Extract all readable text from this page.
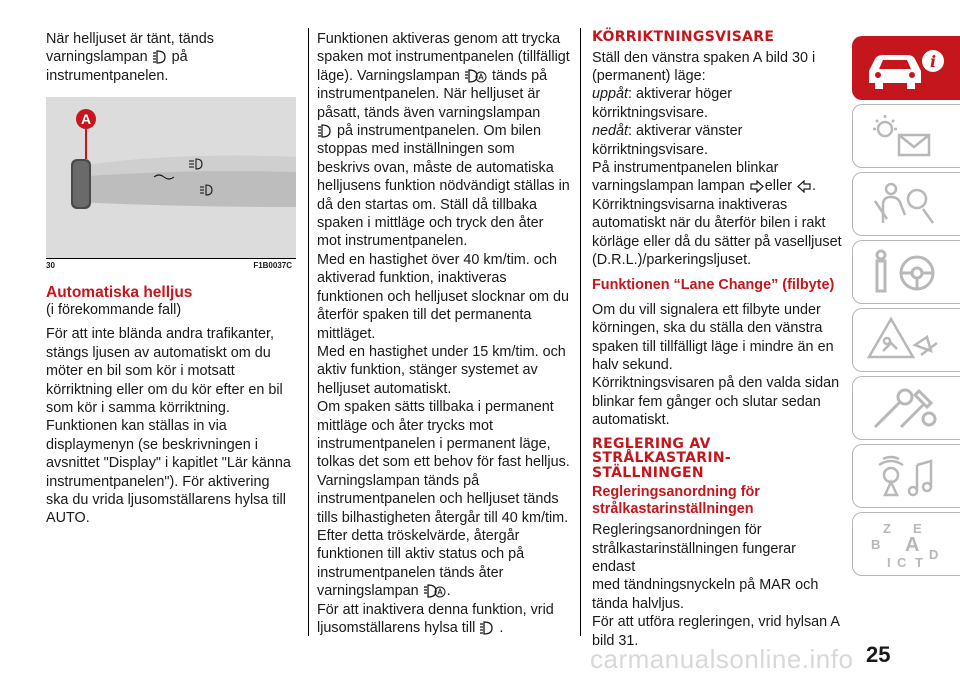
När helljuset är tänt, tänds

varningslampan på

instrumentpanelen.

A
30	F1B0037C

Automatiska helljus

(i förekommande fall)

För att inte blända andra trafikanter,

stängs ljusen av automatiskt om du

möter en bil som kör i motsatt

körriktning eller om du kör efter en bil

som kör i samma körriktning.

Funktionen kan ställas in via

displaymenyn (se beskrivningen i

avsnittet "Display" i kapitlet "Lär känna

instrumentpanelen"). För aktivering

ska du vrida ljusomställarens hylsa till

AUTO.

Funktionen aktiveras genom att trycka

spaken mot instrumentpanelen (tillfälligt

läge). Varningslampan tänds på

instrumentpanelen. När helljuset är

påsatt, tänds även varningslampan

på instrumentpanelen. Om bilen

stoppas med inställningen som

beskrivs ovan, måste de automatiska

helljusens funktion nödvändigt ställas in

då den startas om. Ställ då tillbaka

spaken i mittläge och tryck den åter

mot instrumentpanelen.

Med en hastighet över 40 km/tim. och

aktiverad funktion, inaktiveras

funktionen och helljuset slocknar om du

återför spaken till det permanenta

mittläget.

Med en hastighet under 15 km/tim. och

aktiv funktion, stänger systemet av

helljuset automatiskt.

Om spaken sätts tillbaka i permanent

mittläge och åter trycks mot

instrumentpanelen i permanent läge,

tolkas det som ett behov för fast helljus.

Varningslampan tänds på

instrumentpanelen och helljuset tänds

tills bilhastigheten återgår till 40 km/tim.

Efter detta tröskelvärde, återgår

funktionen till aktiv status och på

instrumentpanelen tänds åter

varningslampan .

För att inaktivera denna funktion, vrid

ljusomställarens hylsa till .

KÖRRIKTNINGSVISARE

Ställ den vänstra spaken A bild 30 i

(permanent) läge:

uppåt: aktiverar höger

körriktningsvisare.

nedåt: aktiverar vänster

körriktningsvisare.

På instrumentpanelen blinkar

varningslampan lampan eller .

Körriktningsvisarna inaktiveras

automatiskt när du återför bilen i rakt

körläge eller då du sätter på vaselljuset

(D.R.L.)/parkeringsljuset.

Funktionen “Lane Change” (filbyte)

Om du vill signalera ett filbyte under

körningen, ska du ställa den vänstra

spaken till tillfälligt läge i mindre än en

halv sekund.

Körriktningsvisaren på den valda sidan

blinkar fem gånger och slutar sedan

automatiskt.

REGLERING AV

STRÅLKASTARIN-

STÄLLNINGEN

Regleringsanordning för

strålkastarinställningen

Regleringsanordningen för

strålkastarinställningen fungerar endast

med tändningsnyckeln på MAR och

tända halvljus.

För att utföra regleringen, vrid hylsan A

bild 31.

i
Z E
B A
I C T
D
carmanualsonline.info 25
